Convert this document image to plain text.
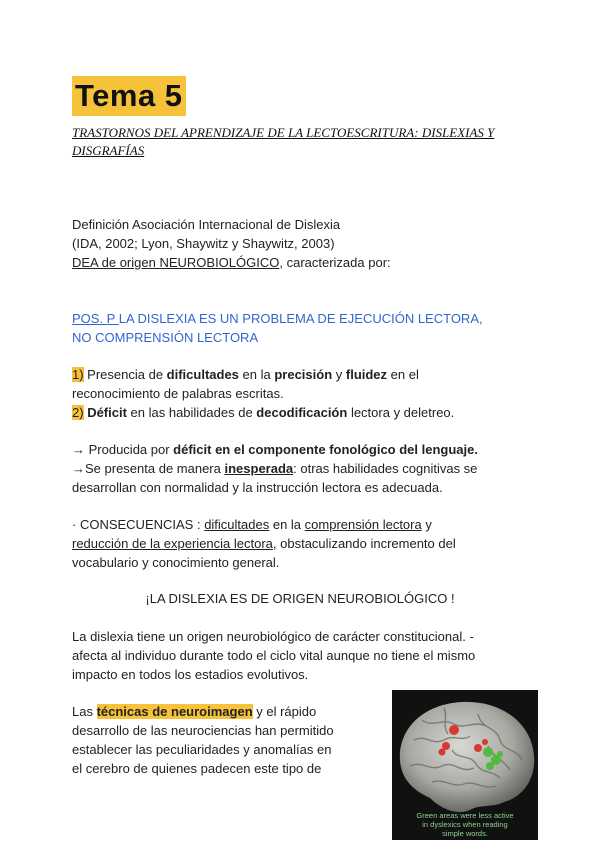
Tema 5
TRASTORNOS DEL APRENDIZAJE DE LA LECTOESCRITURA: DISLEXIAS Y DISGRAFÍAS
Definición Asociación Internacional de Dislexia
(IDA, 2002; Lyon, Shaywitz y Shaywitz, 2003)
DEA de origen NEUROBIOLÓGICO, caracterizada por:
POS. P LA DISLEXIA ES UN PROBLEMA DE EJECUCIÓN LECTORA,
NO COMPRENSIÓN LECTORA
1) Presencia de dificultades en la precisión y fluidez en el
reconocimiento de palabras escritas.
2) Déficit en las habilidades de decodificación lectora y deletreo.
→ Producida por déficit en el componente fonológico del lenguaje.
→Se presenta de manera inesperada: otras habilidades cognitivas se
desarrollan con normalidad y la instrucción lectora es adecuada.
· CONSECUENCIAS : dificultades en la comprensión lectora y
reducción de la experiencia lectora, obstaculizando incremento del
vocabulario y conocimiento general.
¡LA DISLEXIA ES DE ORIGEN NEUROBIOLÓGICO !
La dislexia tiene un origen neurobiológico de carácter constitucional. -
afecta al individuo durante todo el ciclo vital aunque no tiene el mismo
impacto en todos los estadios evolutivos.
Las técnicas de neuroimagen y el rápido
desarrollo de las neurociencias han permitido
establecer las peculiaridades y anomalías en
el cerebro de quienes padecen este tipo de
Green areas were less active
in dyslexics when reading
simple words.
